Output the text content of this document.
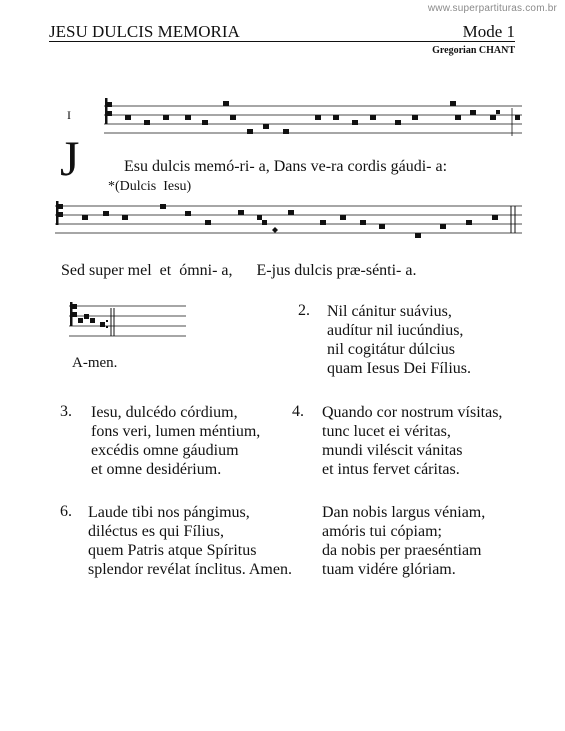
www.superpartituras.com.br
JESU DULCIS MEMORIA	Mode 1
Gregorian CHANT
I
J	Esu dulcis memó-ri- a, Dans ve-ra cordis gáudi- a:
*(Dulcis  Iesu)
Sed super mel  et  ómni- a,      E-jus dulcis præ-sénti- a.
A-men.
2. Nil cánitur suávius,
audítur nil iucúndius,
nil cogitátur dúlcius
quam Iesus Dei Fílius.
3. Iesu, dulcédo córdium,
fons veri, lumen méntium,
excédis omne gáudium
et omne desidérium.
4. Quando cor nostrum vísitas,
tunc lucet ei véritas,
mundi viléscit vánitas
et intus fervet cáritas.
6. Laude tibi nos pángimus,
diléctus es qui Fílius,
quem Patris atque Spíritus
splendor revélat ínclitus. Amen.
Dan nobis largus véniam,
amóris tui cópiam;
da nobis per praeséntiam
tuam vidére glóriam.
